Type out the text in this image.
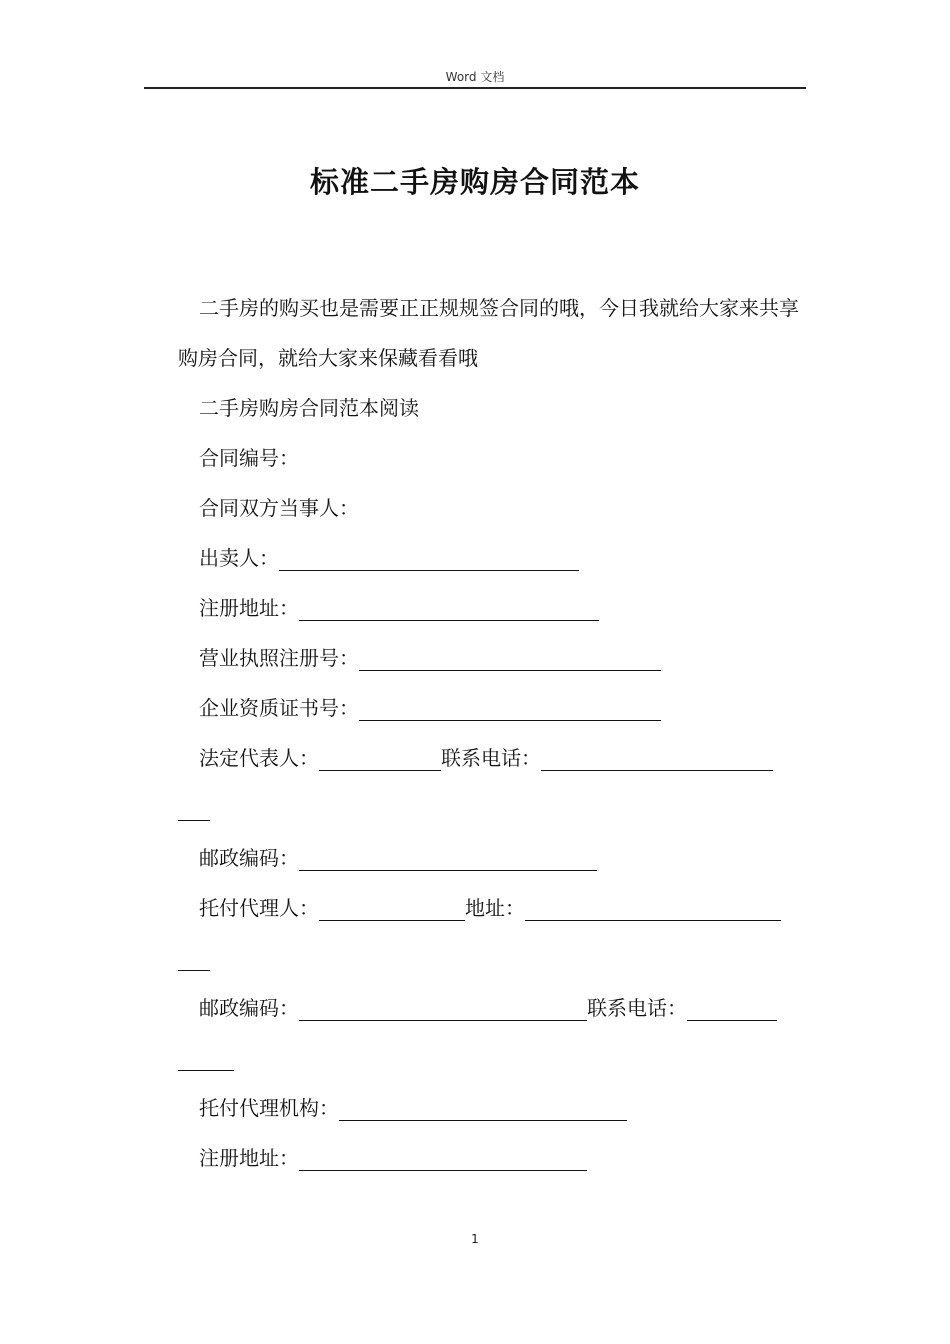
Word 文档
标准二手房购房合同范本

二手房的购买也是需要正正规规签合同的哦，今日我就给大家来共享购房合同，就给大家来保藏看看哦

二手房购房合同范本阅读

合同编号：

合同双方当事人：

出卖人：

注册地址：

营业执照注册号：

企业资质证书号：

法定代表人：	联系电话：

邮政编码：

托付代理人：	地址：

邮政编码：	联系电话：

托付代理机构：

注册地址：

1
